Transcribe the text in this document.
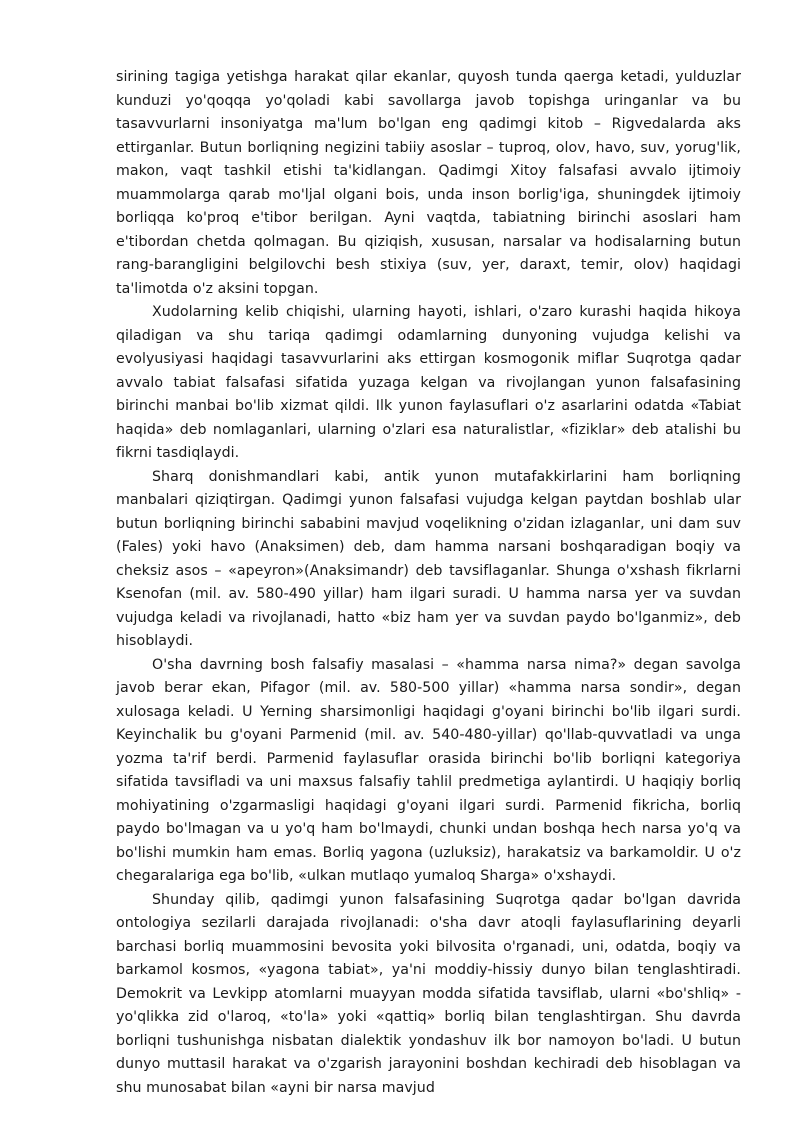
sirining tagiga yetishga harakat qilar ekanlar, quyosh tunda qaerga ketadi, yulduzlar kunduzi yo'qoqqa yo'qoladi kabi savollarga javob topishga uringanlar va bu tasavvurlarni insoniyatga ma'lum bo'lgan eng qadimgi kitob – Rigvedalarda aks ettirganlar. Butun borliqning negizini tabiiy asoslar – tuproq, olov, havo, suv, yorug'lik, makon, vaqt tashkil etishi ta'kidlangan. Qadimgi Xitoy falsafasi avvalo ijtimoiy muammolarga qarab mo'ljal olgani bois, unda inson borlig'iga, shuningdek ijtimoiy borliqqa ko'proq e'tibor berilgan. Ayni vaqtda, tabiatning birinchi asoslari ham e'tibordan chetda qolmagan. Bu qiziqish, xususan, narsalar va hodisalarning butun rang-barangligini belgilovchi besh stixiya (suv, yer, daraxt, temir, olov) haqidagi ta'limotda o'z aksini topgan.

Xudolarning kelib chiqishi, ularning hayoti, ishlari, o'zaro kurashi haqida hikoya qiladigan va shu tariqa qadimgi odamlarning dunyoning vujudga kelishi va evolyusiyasi haqidagi tasavvurlarini aks ettirgan kosmogonik miflar Suqrotga qadar avvalo tabiat falsafasi sifatida yuzaga kelgan va rivojlangan yunon falsafasining birinchi manbai bo'lib xizmat qildi. Ilk yunon faylasuflari o'z asarlarini odatda «Tabiat haqida» deb nomlaganlari, ularning o'zlari esa naturalistlar, «fiziklar» deb atalishi bu fikrni tasdiqlaydi.

Sharq donishmandlari kabi, antik yunon mutafakkirlarini ham borliqning manbalari qiziqtirgan. Qadimgi yunon falsafasi vujudga kelgan paytdan boshlab ular butun borliqning birinchi sababini mavjud voqelikning o'zidan izlaganlar, uni dam suv (Fales) yoki havo (Anaksimen) deb, dam hamma narsani boshqaradigan boqiy va cheksiz asos – «apeyron»(Anaksimandr) deb tavsiflaganlar. Shunga o'xshash fikrlarni Ksenofan (mil. av. 580-490 yillar) ham ilgari suradi. U hamma narsa yer va suvdan vujudga keladi va rivojlanadi, hatto «biz ham yer va suvdan paydo bo'lganmiz», deb hisoblaydi.

O'sha davrning bosh falsafiy masalasi – «hamma narsa nima?» degan savolga javob berar ekan, Pifagor (mil. av. 580-500 yillar) «hamma narsa sondir», degan xulosaga keladi. U Yerning sharsimonligi haqidagi g'oyani birinchi bo'lib ilgari surdi. Keyinchalik bu g'oyani Parmenid (mil. av. 540-480-yillar) qo'llab-quvvatladi va unga yozma ta'rif berdi. Parmenid faylasuflar orasida birinchi bo'lib borliqni kategoriya sifatida tavsifladi va uni maxsus falsafiy tahlil predmetiga aylantirdi. U haqiqiy borliq mohiyatining o'zgarmasligi haqidagi g'oyani ilgari surdi. Parmenid fikricha, borliq paydo bo'lmagan va u yo'q ham bo'lmaydi, chunki undan boshqa hech narsa yo'q va bo'lishi mumkin ham emas. Borliq yagona (uzluksiz), harakatsiz va barkamoldir. U o'z chegaralariga ega bo'lib, «ulkan mutlaqo yumaloq Sharga» o'xshaydi.

Shunday qilib, qadimgi yunon falsafasining Suqrotga qadar bo'lgan davrida ontologiya sezilarli darajada rivojlanadi: o'sha davr atoqli faylasuflarining deyarli barchasi borliq muammosini bevosita yoki bilvosita o'rganadi, uni, odatda, boqiy va barkamol kosmos, «yagona tabiat», ya'ni moddiy-hissiy dunyo bilan tenglashtiradi. Demokrit va Levkipp atomlarni muayyan modda sifatida tavsiflab, ularni «bo'shliq» - yo'qlikka zid o'laroq, «to'la» yoki «qattiq» borliq bilan tenglashtirgan. Shu davrda borliqni tushunishga nisbatan dialektik yondashuv ilk bor namoyon bo'ladi. U butun dunyo muttasil harakat va o'zgarish jarayonini boshdan kechiradi deb hisoblagan va shu munosabat bilan «ayni bir narsa mavjud
